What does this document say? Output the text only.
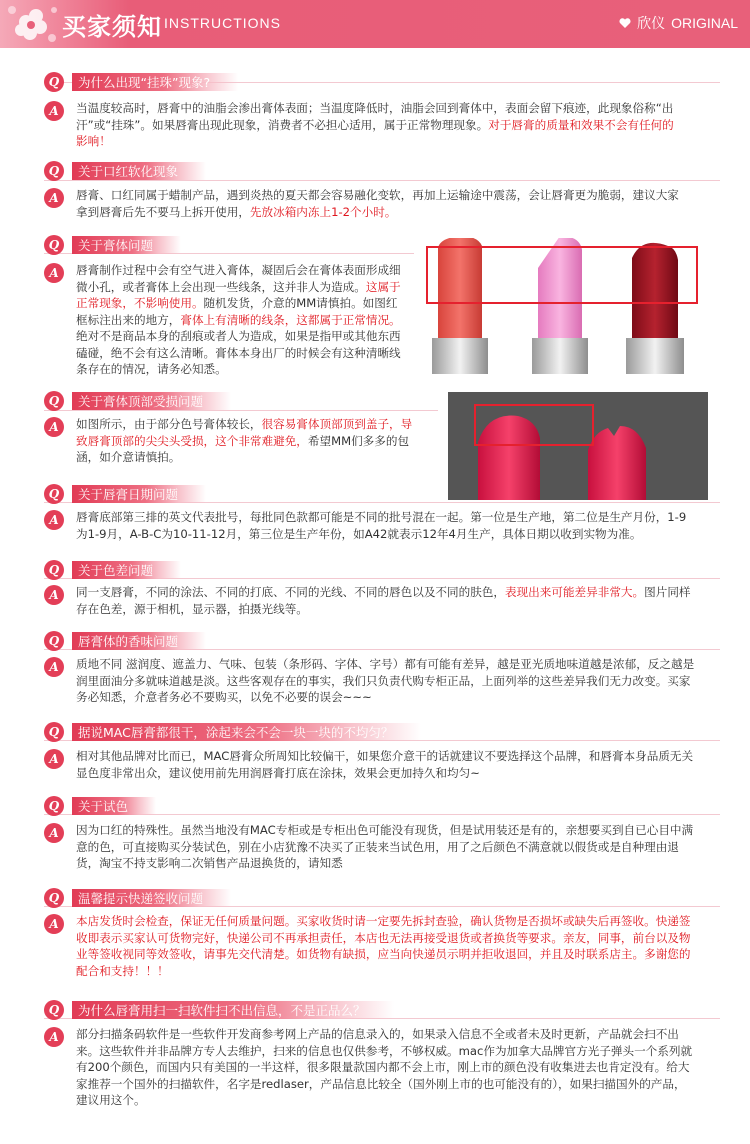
买家须知 INSTRUCTIONS	欣仪 ORIGINAL
Q	为什么出现“挂珠”现象?
A	当温度较高时，唇膏中的油脂会渗出膏体表面；当温度降低时，油脂会回到膏体中，表面会留下痕迹，此现象俗称“出汗”或“挂珠”。如果唇膏出现此现象，消费者不必担心适用，属于正常物理现象。对于唇膏的质量和效果不会有任何的影响！

Q	关于口红软化现象
A	唇膏、口红同属于蜡制产品，遇到炎热的夏天都会容易融化变软，再加上运输途中震荡，会让唇膏更为脆弱，建议大家拿到唇膏后先不要马上拆开使用，先放冰箱内冻上1-2个小时。

Q	关于膏体问题
A	唇膏制作过程中会有空气进入膏体，凝固后会在膏体表面形成细微小孔，或者膏体上会出现一些线条，这并非人为造成。这属于正常现象，不影响使用。随机发货，介意的MM请慎拍。如图红框标注出来的地方，膏体上有清晰的线条，这都属于正常情况。绝对不是商品本身的刮痕或者人为造成，如果是指甲或其他东西磕碰，绝不会有这么清晰。膏体本身出厂的时候会有这种清晰线条存在的情况，请务必知悉。

Q	关于膏体顶部受损问题
A	如图所示，由于部分色号膏体较长，很容易膏体顶部顶到盖子，导致唇膏顶部的尖尖头受损，这个非常难避免，希望MM们多多的包涵，如介意请慎拍。

Q	关于唇膏日期问题
A	唇膏底部第三排的英文代表批号，每批同色款都可能是不同的批号混在一起。第一位是生产地，第二位是生产月份，1-9为1-9月，A-B-C为10-11-12月，第三位是生产年份，如A42就表示12年4月生产，具体日期以收到实物为准。

Q	关于色差问题
A	同一支唇膏，不同的涂法、不同的打底、不同的光线、不同的唇色以及不同的肤色，表现出来可能差异非常大。图片同样存在色差，源于相机，显示器，拍摄光线等。

Q	唇膏体的香味问题
A	质地不同 滋润度、遮盖力、气味、包装（条形码、字体、字号）都有可能有差异，越是亚光质地味道越是浓郁，反之越是润里面油分多就味道越是淡。这些客观存在的事实，我们只负责代购专柜正品，上面列举的这些差异我们无力改变。买家务必知悉，介意者务必不要购买，以免不必要的误会~~~

Q	据说MAC唇膏都很干，涂起来会不会一块一块的不均匀？
A	相对其他品牌对比而已，MAC唇膏众所周知比较偏干，如果您介意干的话就建议不要选择这个品牌，和唇膏本身品质无关显色度非常出众，建议使用前先用润唇膏打底在涂抹，效果会更加持久和均匀~

Q	关于试色
A	因为口红的特殊性。虽然当地没有MAC专柜或是专柜出色可能没有现货，但是试用装还是有的，亲想要买到自已心目中满意的色，可直接购买分装试色，别在小店犹豫不决买了正装来当试色用，用了之后颜色不满意就以假货或是自种理由退货，淘宝不持支影响二次销售产品退换货的，请知悉

Q	温馨提示快递签收问题
A	本店发货时会检查，保证无任何质量问题。买家收货时请一定要先拆封查验，确认货物是否损坏或缺失后再签收。快递签收即表示买家认可货物完好，快递公司不再承担责任，本店也无法再接受退货或者换货等要求。亲友，同事，前台以及物业等签收视同等效签收，请事先交代清楚。如货物有缺损，应当向快递员示明并拒收退回，并且及时联系店主。多谢您的配合和支持！！！

Q	为什么唇膏用扫一扫软件扫不出信息，不是正品么？
A	部分扫描条码软件是一些软件开发商参考网上产品的信息录入的，如果录入信息不全或者未及时更新，产品就会扫不出来。这些软件并非品牌方专人去维护，扫来的信息也仅供参考，不够权威。mac作为加拿大品牌官方光子弹头一个系列就有200个颜色，而国内只有美国的一半这样，很多限量款国内都不会上市，刚上市的颜色没有收集进去也肯定没有。给大家推荐一个国外的扫描软件，名字是redlaser，产品信息比较全（国外刚上市的也可能没有的），如果扫描国外的产品，建议用这个。
